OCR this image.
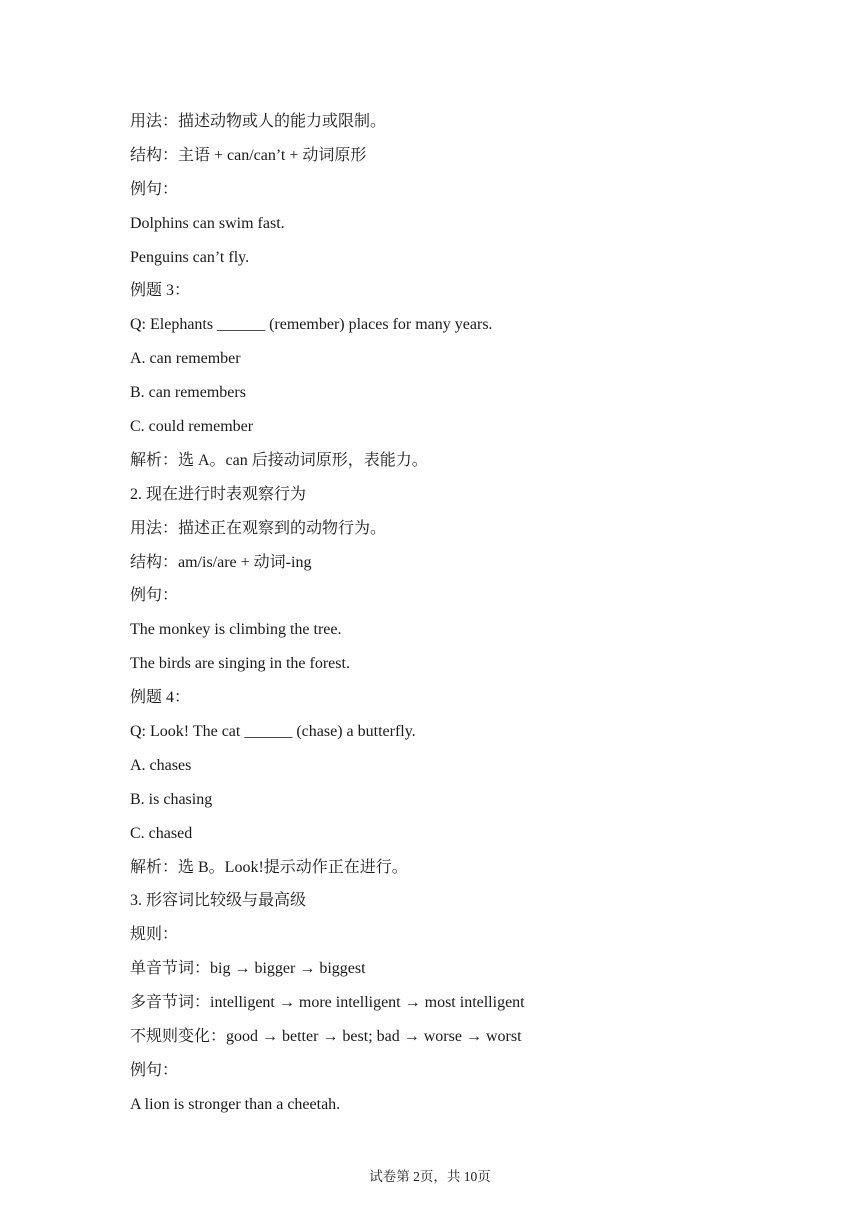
用法：描述动物或人的能力或限制。
结构：主语 + can/can’t + 动词原形
例句：
Dolphins can swim fast.
Penguins can’t fly.
例题 3：
Q: Elephants ______ (remember) places for many years.
A. can remember
B. can remembers
C. could remember
解析：选 A。can 后接动词原形，表能力。
2. 现在进行时表观察行为
用法：描述正在观察到的动物行为。
结构：am/is/are + 动词-ing
例句：
The monkey is climbing the tree.
The birds are singing in the forest.
例题 4：
Q: Look! The cat ______ (chase) a butterfly.
A. chases
B. is chasing
C. chased
解析：选 B。Look!提示动作正在进行。
3. 形容词比较级与最高级
规则：
单音节词：big → bigger → biggest
多音节词：intelligent → more intelligent → most intelligent
不规则变化：good → better → best; bad → worse → worst
例句：
A lion is stronger than a cheetah.
试卷第 2页，共 10页
